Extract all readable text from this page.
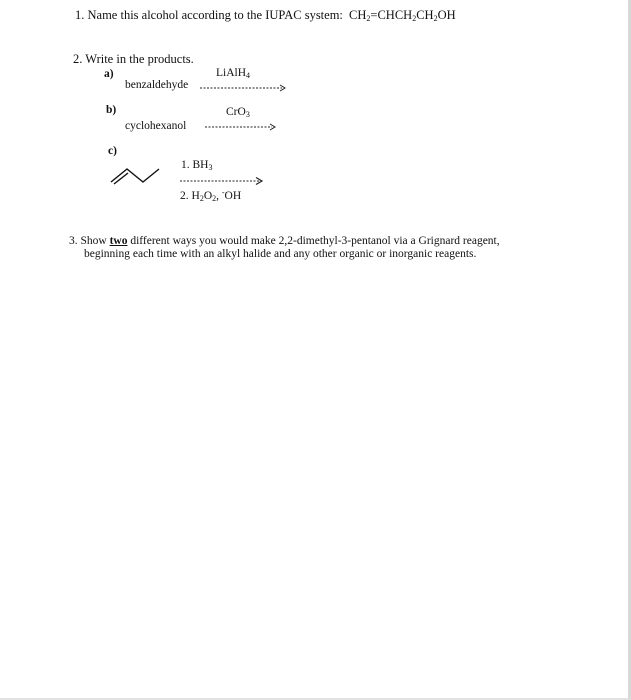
1. Name this alcohol according to the IUPAC system: $CH_2=CHCH_2CH_2OH$
2. Write in the products.
a)	LiAlH$_4$
benzaldehyde
b)	CrO$_3$
cyclohexanol
c)
1. $BH_3$
2. $H_2O_2$, -OH
3. Show two different ways you would make 2,2-dimethyl-3-pentanol via a Grignard reagent,
beginning each time with an alkyl halide and any other organic or inorganic reagents.
